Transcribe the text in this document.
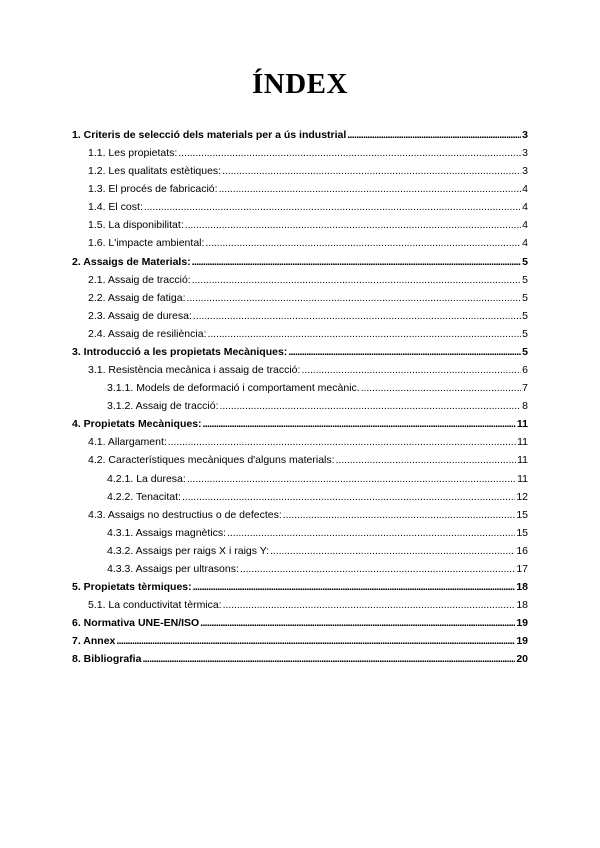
ÍNDEX
1. Criteris de selecció dels materials per a ús industrial . . .	3
1.1. Les propietats: . . .	3
1.2. Les qualitats estètiques: . . .	3
1.3. El procés de fabricació: . . .	4
1.4. El cost: . . .	4
1.5. La disponibilitat: . . .	4
1.6. L'impacte ambiental: . . .	4
2. Assaigs de Materials: . . .	5
2.1. Assaig de tracció: . . .	5
2.2. Assaig de fatiga: . . .	5
2.3. Assaig de duresa: . . .	5
2.4. Assaig de resiliència: . . .	5
3. Introducció a les propietats Mecàniques: . . .	5
3.1. Resistència mecànica i assaig de tracció: . . .	6
3.1.1. Models de deformació i comportament mecànic. . . .	7
3.1.2. Assaig de tracció: . . .	8
4. Propietats Mecàniques: . . .	11
4.1. Allargament: . . .	11
4.2. Característiques mecàniques d'alguns materials: . . .	11
4.2.1. La duresa: . . .	11
4.2.2. Tenacitat: . . .	12
4.3. Assaigs no destructius o de defectes: . . .	15
4.3.1. Assaigs magnètics: . . .	15
4.3.2. Assaigs per raigs X i raigs Y: . . .	16
4.3.3. Assaigs per ultrasons: . . .	17
5. Propietats tèrmiques: . . .	18
5.1. La conductivitat tèrmica: . . .	18
6. Normativa UNE-EN/ISO . . .	19
7. Annex . . .	19
8. Bibliografia . . .	20
